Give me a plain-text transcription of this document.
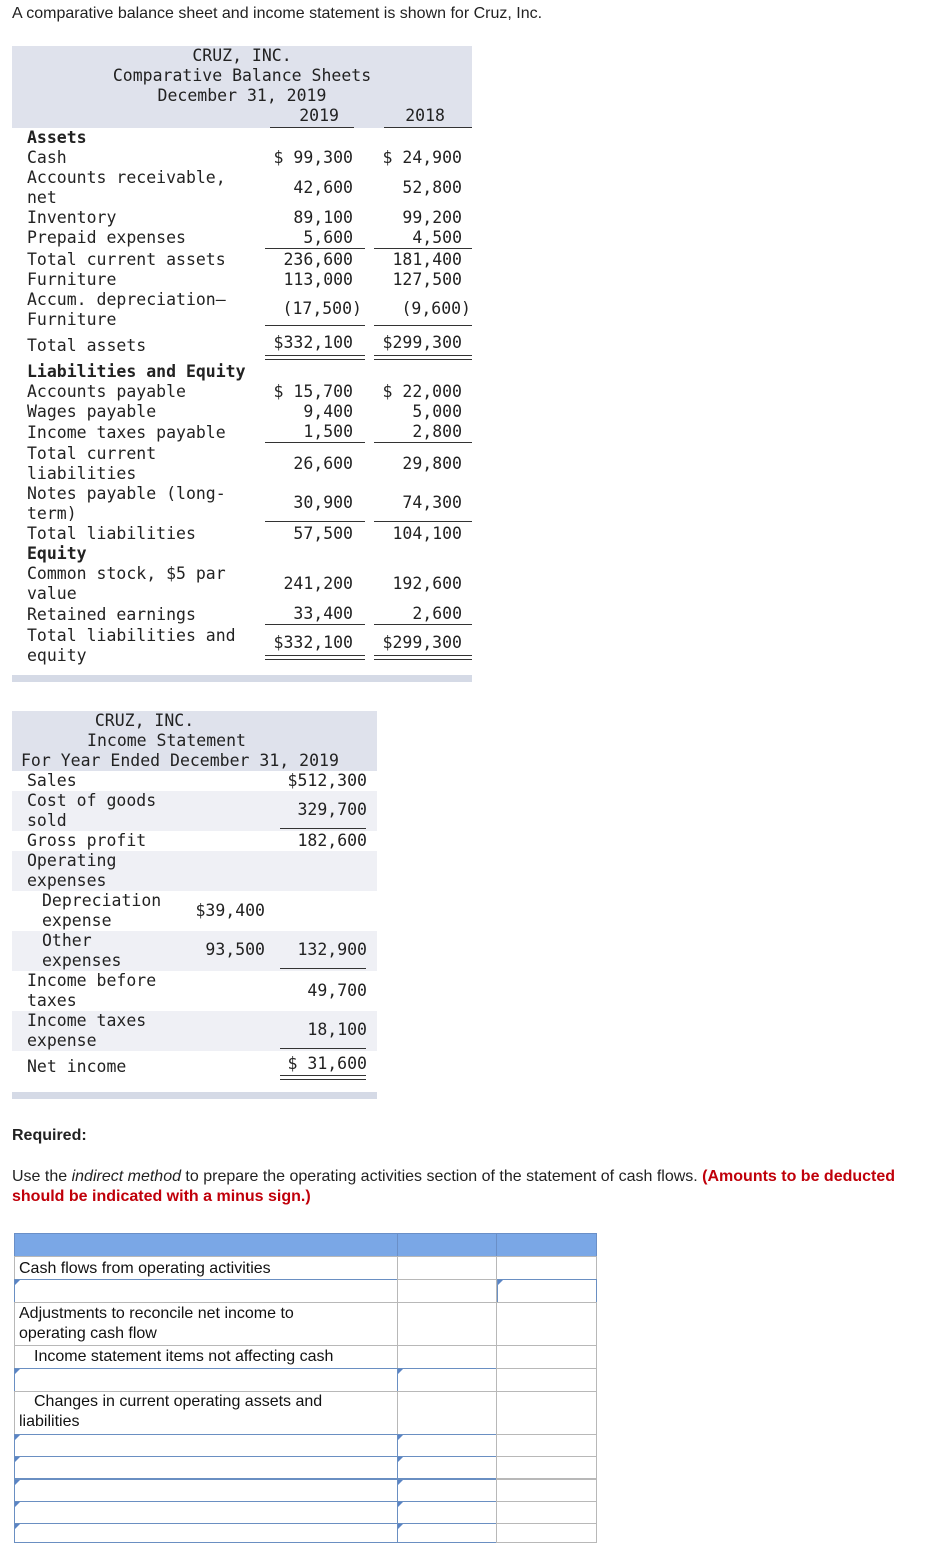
A comparative balance sheet and income statement is shown for Cruz, Inc.
CRUZ, INC.
Comparative Balance Sheets
December 31, 2019
2019	2018
Assets
Cash	$ 99,300 $ 24,900
Accounts receivable,
net
42,600	52,800
Inventory	89,100	99,200
Prepaid expenses	5,600	4,500
Total current assets	236,600 181,400
Furniture	113,000 127,500
Accum. depreciation—
Furniture
(17,500) (9,600)
Total assets	$332,100 $299,300
Liabilities and Equity
Accounts payable	$ 15,700 $ 22,000
Wages payable	9,400	5,000
Income taxes payable	1,500	2,800
Total current
liabilities
26,600	29,800
Notes payable (long-
term)
30,900	74,300
Total liabilities	57,500 104,100
Equity
Common stock, $5 par
value
241,200 192,600
Retained earnings	33,400	2,600
Total liabilities and
equity
$332,100 $299,300
CRUZ, INC.
Income Statement
For Year Ended December 31, 2019
Sales	$512,300
Cost of goods
sold
329,700
Gross profit	182,600
Operating
expenses
Depreciation
expense
$39,400
Other
expenses
93,500 132,900
Income before
taxes
49,700
Income taxes
expense
18,100
Net income	$ 31,600
Required:
Use the indirect method to prepare the operating activities section of the statement of cash flows. (Amounts to be deducted should be indicated with a minus sign.)
Cash flows from operating activities
Adjustments to reconcile net income to
operating cash flow
Income statement items not affecting cash
Changes in current operating assets and
liabilities
